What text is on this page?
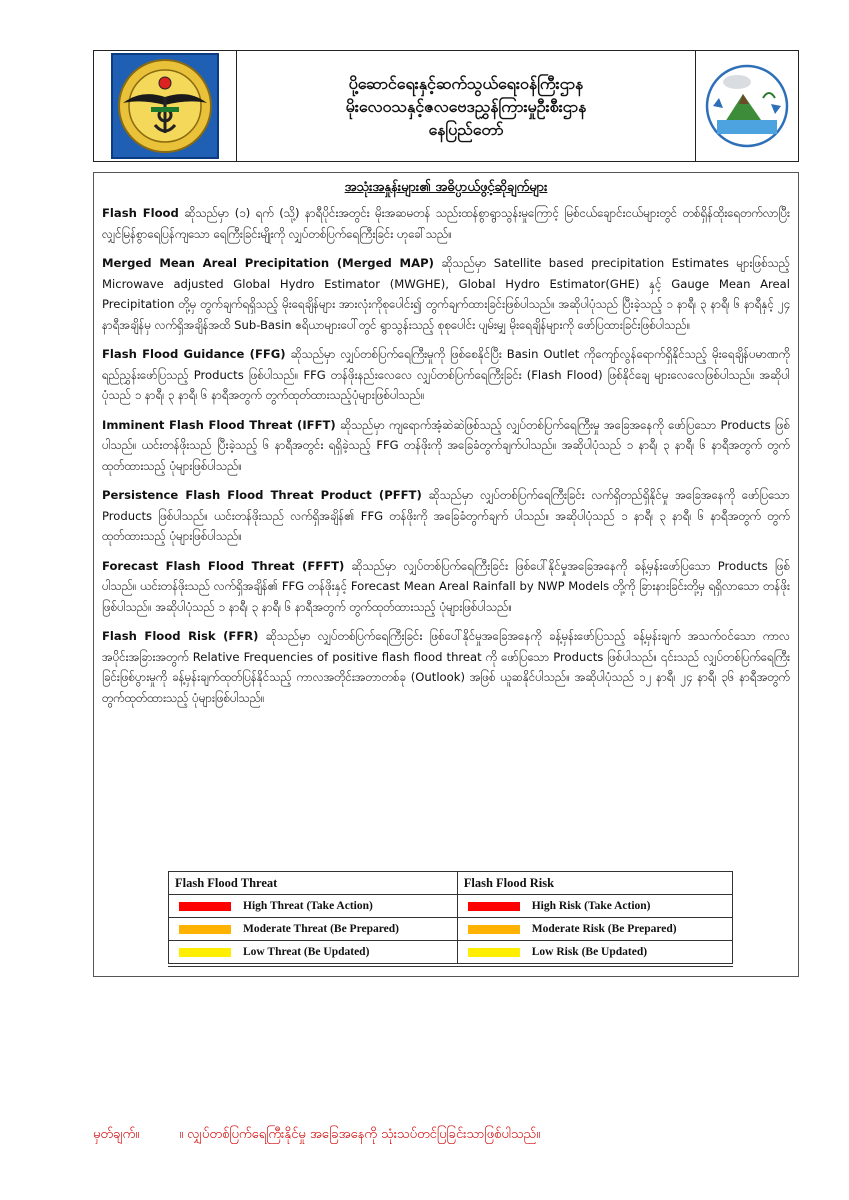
ပို့ဆောင်ရေးနှင့်ဆက်သွယ်ရေးဝန်ကြီးဌာန
မိုးလေဝသနှင့်ဇလဗေဒညွှန်ကြားမှုဦးစီးဌာန
နေပြည်တော်
အသုံးအနှုန်းများ၏ အဓိပ္ပာယ်ဖွင့်ဆိုချက်များ

Flash Flood ဆိုသည်မှာ (၁) ရက် (သို့) နာရီပိုင်းအတွင်း မိုးအဆမတန် သည်းထန်စွာရွာသွန်းမှုကြောင့် မြစ်ငယ်ချောင်းငယ်များတွင် တစ်ရှိန်ထိုးရေတက်လာပြီး လျှင်မြန်စွာရေပြန်ကျသော ရေကြီးခြင်းမျိုးကို လျှပ်တစ်ပြက်ရေကြီးခြင်း ဟုခေါ်သည်။

Merged Mean Areal Precipitation (Merged MAP) ဆိုသည်မှာ Satellite based precipitation Estimates များဖြစ်သည့် Microwave adjusted Global Hydro Estimator (MWGHE), Global Hydro Estimator(GHE) နှင့် Gauge Mean Areal Precipitation တို့မှ တွက်ချက်ရရှိသည့် မိုးရေချိန်များ အားလုံးကိုစုပေါင်း၍ တွက်ချက်ထားခြင်းဖြစ်ပါသည်။ အဆိုပါပုံသည် ပြီးခဲ့သည့် ၁ နာရီ၊ ၃ နာရီ၊ ၆ နာရီနှင့် ၂၄ နာရီအချိန်မှ လက်ရှိအချိန်အထိ Sub-Basin ဧရိယာများပေါ်တွင် ရွာသွန်းသည့် စုစုပေါင်း ပျမ်းမျှ မိုးရေချိန်များကို ဖော်ပြထားခြင်းဖြစ်ပါသည်။

Flash Flood Guidance (FFG) ဆိုသည်မှာ လျှပ်တစ်ပြက်ရေကြီးမှုကို ဖြစ်စေနိုင်ပြီး Basin Outlet ကိုကျော်လွန်ရောက်ရှိနိုင်သည့် မိုးရေချိန်ပမာဏကို ရည်ညွှန်းဖော်ပြသည့် Products ဖြစ်ပါသည်။ FFG တန်ဖိုးနည်းလေလေ လျှပ်တစ်ပြက်ရေကြီးခြင်း (Flash Flood) ဖြစ်နိုင်ချေ များလေလေဖြစ်ပါသည်။ အဆိုပါပုံသည် ၁ နာရီ၊ ၃ နာရီ၊ ၆ နာရီအတွက် တွက်ထုတ်ထားသည့်ပုံများဖြစ်ပါသည်။

Imminent Flash Flood Threat (IFFT) ဆိုသည်မှာ ကျရောက်အံ့ဆဲဆဲဖြစ်သည့် လျှပ်တစ်ပြက်ရေကြီးမှု အခြေအနေကို ဖော်ပြသော Products ဖြစ်ပါသည်။ ယင်းတန်ဖိုးသည် ပြီးခဲ့သည့် ၆ နာရီအတွင်း ရရှိခဲ့သည့် FFG တန်ဖိုးကို အခြေခံတွက်ချက်ပါသည်။ အဆိုပါပုံသည် ၁ နာရီ၊ ၃ နာရီ၊ ၆ နာရီအတွက် တွက်ထုတ်ထားသည့် ပုံများဖြစ်ပါသည်။

Persistence Flash Flood Threat Product (PFFT) ဆိုသည်မှာ လျှပ်တစ်ပြက်ရေကြီးခြင်း လက်ရှိတည်ရှိနိုင်မှု အခြေအနေကို ဖော်ပြသော Products ဖြစ်ပါသည်။ ယင်းတန်ဖိုးသည် လက်ရှိအချိန်၏ FFG တန်ဖိုးကို အခြေခံတွက်ချက် ပါသည်။ အဆိုပါပုံသည် ၁ နာရီ၊ ၃ နာရီ၊ ၆ နာရီအတွက် တွက်ထုတ်ထားသည့် ပုံများဖြစ်ပါသည်။

Forecast Flash Flood Threat (FFFT) ဆိုသည်မှာ လျှပ်တစ်ပြက်ရေကြီးခြင်း ဖြစ်ပေါ်နိုင်မှုအခြေအနေကို ခန့်မှန်းဖော်ပြသော Products ဖြစ်ပါသည်။ ယင်းတန်ဖိုးသည် လက်ရှိအချိန်၏ FFG တန်ဖိုးနှင့် Forecast Mean Areal Rainfall by NWP Models တို့ကို ခြားနားခြင်းတို့မှ ရရှိလာသော တန်ဖိုးဖြစ်ပါသည်။ အဆိုပါပုံသည် ၁ နာရီ၊ ၃ နာရီ၊ ၆ နာရီအတွက် တွက်ထုတ်ထားသည့် ပုံများဖြစ်ပါသည်။

Flash Flood Risk (FFR) ဆိုသည်မှာ လျှပ်တစ်ပြက်ရေကြီးခြင်း ဖြစ်ပေါ်နိုင်မှုအခြေအနေကို ခန့်မှန်းဖော်ပြသည့် ခန့်မှန်းချက် အသက်ဝင်သော ကာလအပိုင်းအခြားအတွက် Relative Frequencies of positive flash flood threat ကို ဖော်ပြသော Products ဖြစ်ပါသည်။ ၎င်းသည် လျှပ်တစ်ပြက်ရေကြီးခြင်းဖြစ်ပွားမှုကို ခန့်မှန်းချက်ထုတ်ပြန်နိုင်သည့် ကာလအတိုင်းအတာတစ်ခု (Outlook) အဖြစ် ယူဆနိုင်ပါသည်။ အဆိုပါပုံသည် ၁၂ နာရီ၊ ၂၄ နာရီ၊ ၃၆ နာရီအတွက် တွက်ထုတ်ထားသည့် ပုံများဖြစ်ပါသည်။

Flash Flood Threat	Flash Flood Risk
High Threat (Take Action)	High Risk (Take Action)
Moderate Threat (Be Prepared)	Moderate Risk (Be Prepared)
Low Threat (Be Updated)	Low Risk (Be Updated)
မှတ်ချက်။	။ လျှပ်တစ်ပြက်ရေကြီးနိုင်မှု အခြေအနေကို သုံးသပ်တင်ပြခြင်းသာဖြစ်ပါသည်။
